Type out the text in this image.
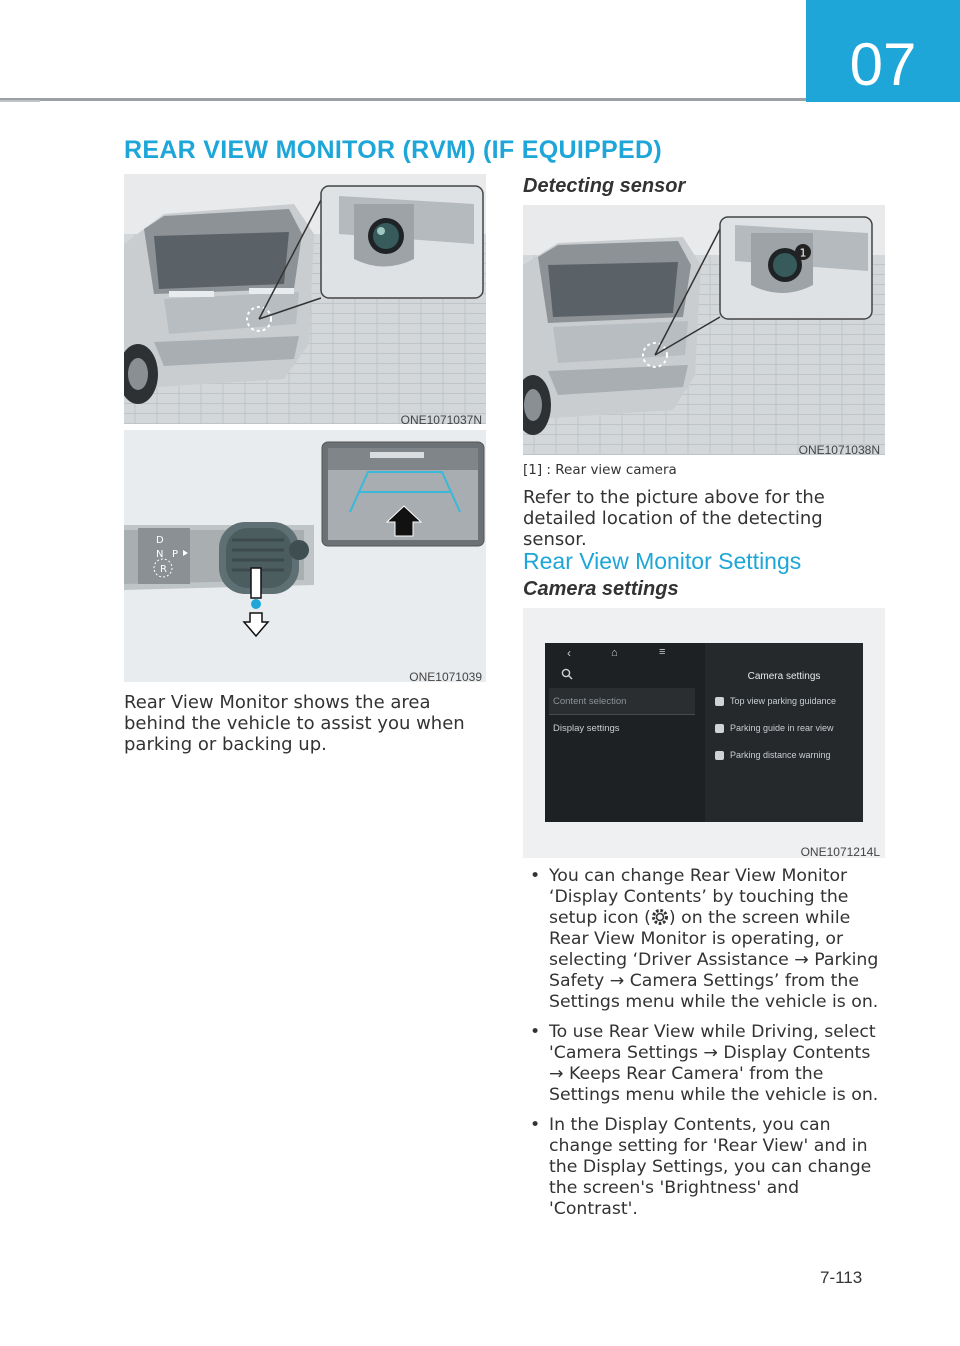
07
REAR VIEW MONITOR (RVM) (IF EQUIPPED)
ONE1071037N
D
N P
R
ONE1071039
Rear View Monitor shows the area behind the vehicle to assist you when parking or backing up.
Detecting sensor
1
ONE1071038N
[1] : Rear view camera
Refer to the picture above for the detailed location of the detecting sensor.
Rear View Monitor Settings
Camera settings
‹	⌂	≡
Content selection
Display settings
Camera settings
Top view parking guidance
Parking guide in rear view
Parking distance warning
ONE1071214L
• You can change Rear View Monitor ‘Display Contents’ by touching the setup icon ( ) on the screen while Rear View Monitor is operating, or selecting ‘Driver Assistance → Parking Safety → Camera Settings’ from the Settings menu while the vehicle is on.
• To use Rear View while Driving, select 'Camera Settings → Display Contents → Keeps Rear Camera' from the Settings menu while the vehicle is on.
• In the Display Contents, you can change setting for 'Rear View' and in the Display Settings, you can change the screen's 'Brightness' and 'Contrast'.
7-113
